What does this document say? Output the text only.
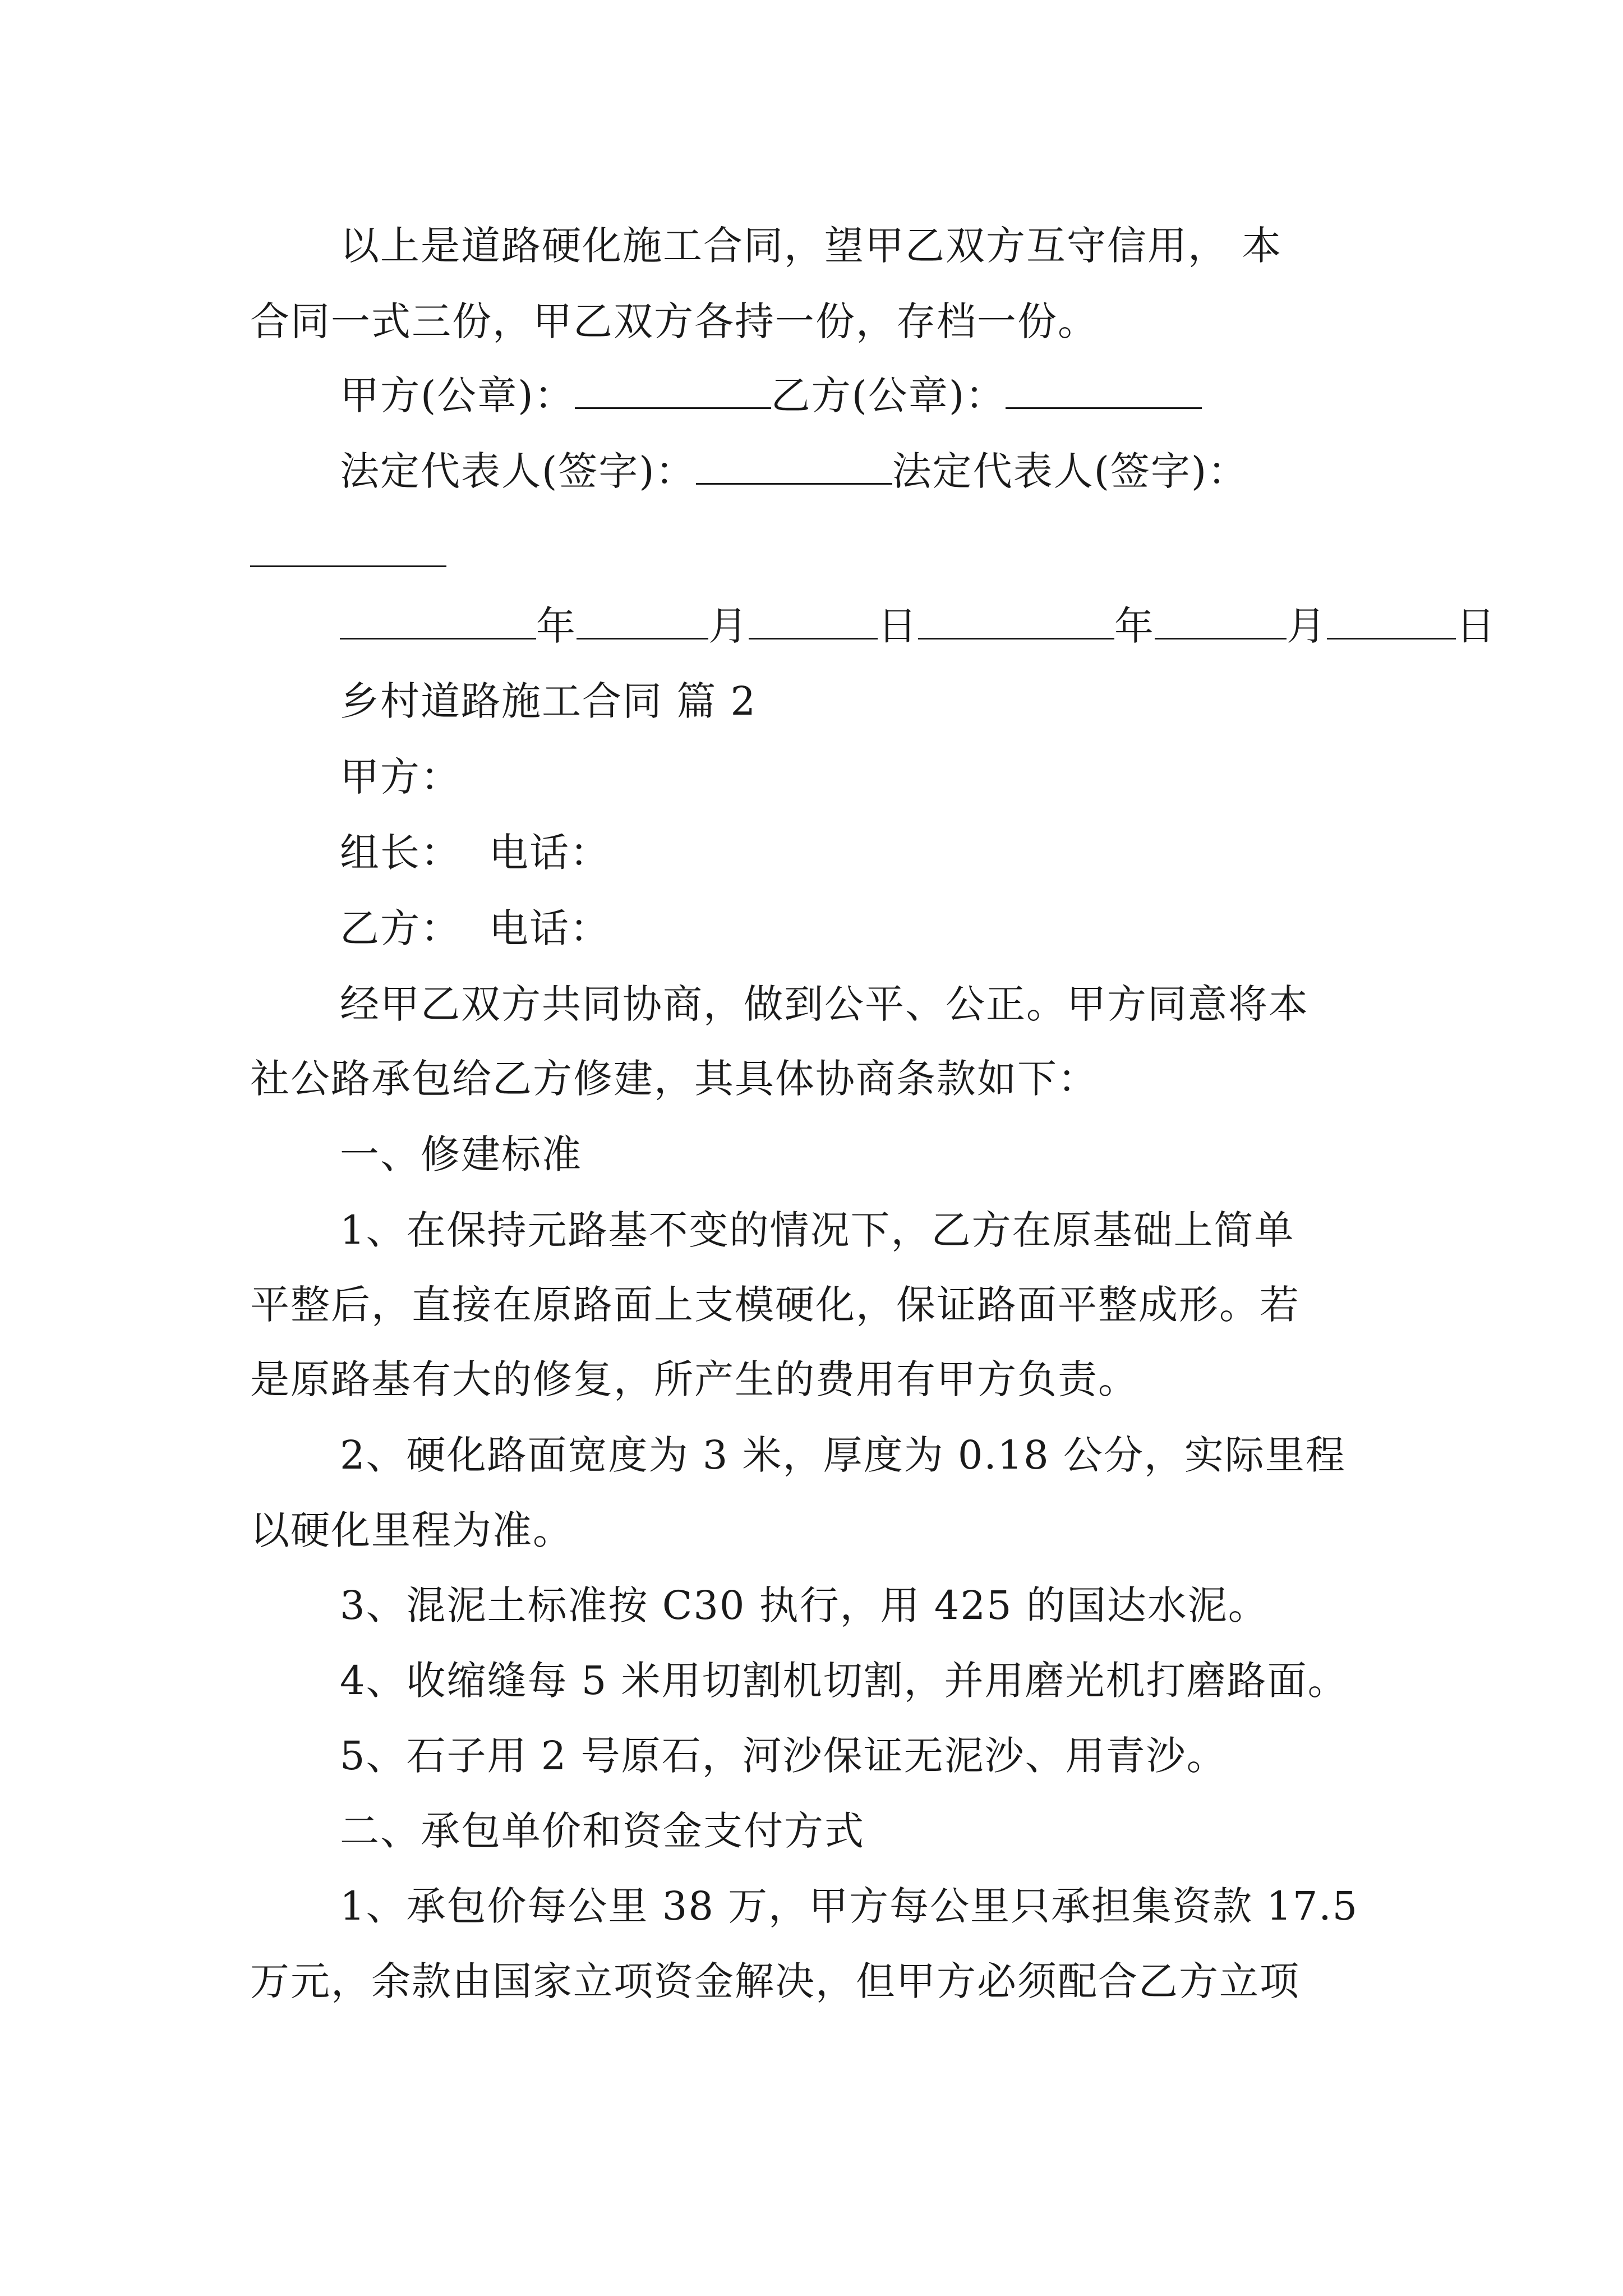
以上是道路硬化施工合同，望甲乙双方互守信用， 本
合同一式三份，甲乙双方各持一份，存档一份。
甲方(公章)：	乙方(公章)：
法定代表人(签字)：	法定代表人(签字)：
年	月	日	年	月	日
乡村道路施工合同 篇 2
甲方：
组长： 电话：
乙方： 电话：
经甲乙双方共同协商，做到公平、公正。甲方同意将本
社公路承包给乙方修建，其具体协商条款如下：
一、修建标准
1、在保持元路基不变的情况下，乙方在原基础上简单
平整后，直接在原路面上支模硬化，保证路面平整成形。若
是原路基有大的修复，所产生的费用有甲方负责。
2、硬化路面宽度为 3 米，厚度为 0.18 公分，实际里程
以硬化里程为准。
3、混泥土标准按 C30 执行，用 425 的国达水泥。
4、收缩缝每 5 米用切割机切割，并用磨光机打磨路面。
5、石子用 2 号原石，河沙保证无泥沙、用青沙。
二、承包单价和资金支付方式
1、承包价每公里 38 万，甲方每公里只承担集资款 17.5
万元，余款由国家立项资金解决，但甲方必须配合乙方立项
